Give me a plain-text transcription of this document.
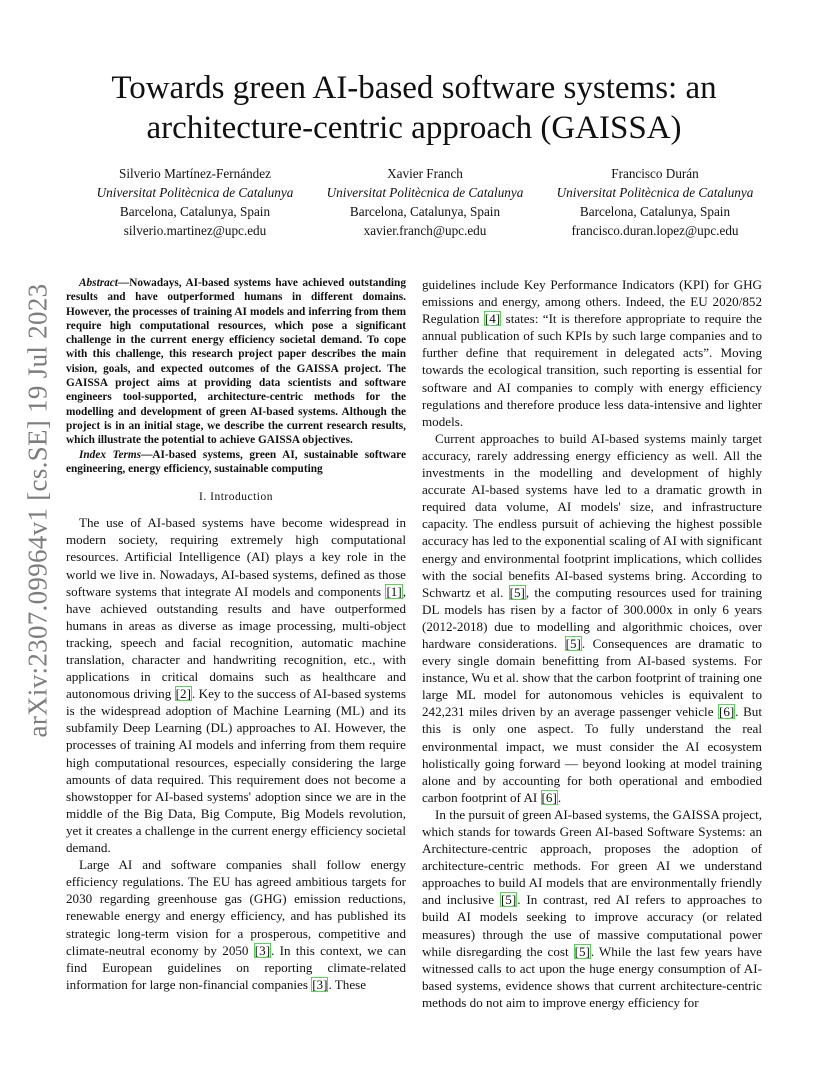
arXiv:2307.09964v1 [cs.SE] 19 Jul 2023
Towards green AI-based software systems: an
architecture-centric approach (GAISSA)
Silverio Martínez-Fernández
Universitat Politècnica de Catalunya
Barcelona, Catalunya, Spain
silverio.martinez@upc.edu
Xavier Franch
Universitat Politècnica de Catalunya
Barcelona, Catalunya, Spain
xavier.franch@upc.edu
Francisco Durán
Universitat Politècnica de Catalunya
Barcelona, Catalunya, Spain
francisco.duran.lopez@upc.edu

Abstract—Nowadays, AI-based systems have achieved outstanding results and have outperformed humans in different domains. However, the processes of training AI models and inferring from them require high computational resources, which pose a significant challenge in the current energy efficiency societal demand. To cope with this challenge, this research project paper describes the main vision, goals, and expected outcomes of the GAISSA project. The GAISSA project aims at providing data scientists and software engineers tool-supported, architecture-centric methods for the modelling and development of green AI-based systems. Although the project is in an initial stage, we describe the current research results, which illustrate the potential to achieve GAISSA objectives.

Index Terms—AI-based systems, green AI, sustainable software engineering, energy efficiency, sustainable computing

I. Introduction

The use of AI-based systems have become widespread in modern society, requiring extremely high computational resources. Artificial Intelligence (AI) plays a key role in the world we live in. Nowadays, AI-based systems, defined as those software systems that integrate AI models and components [1], have achieved outstanding results and have outperformed humans in areas as diverse as image processing, multi-object tracking, speech and facial recognition, automatic machine translation, character and handwriting recognition, etc., with applications in critical domains such as healthcare and autonomous driving [2]. Key to the success of AI-based systems is the widespread adoption of Machine Learning (ML) and its subfamily Deep Learning (DL) approaches to AI. However, the processes of training AI models and inferring from them require high computational resources, especially considering the large amounts of data required. This requirement does not become a showstopper for AI-based systems' adoption since we are in the middle of the Big Data, Big Compute, Big Models revolution, yet it creates a challenge in the current energy efficiency societal demand.

Large AI and software companies shall follow energy efficiency regulations. The EU has agreed ambitious targets for 2030 regarding greenhouse gas (GHG) emission reductions, renewable energy and energy efficiency, and has published its strategic long-term vision for a prosperous, competitive and climate-neutral economy by 2050 [3]. In this context, we can find European guidelines on reporting climate-related information for large non-financial companies [3]. These

guidelines include Key Performance Indicators (KPI) for GHG emissions and energy, among others. Indeed, the EU 2020/852 Regulation [4] states: “It is therefore appropriate to require the annual publication of such KPIs by such large companies and to further define that requirement in delegated acts”. Moving towards the ecological transition, such reporting is essential for software and AI companies to comply with energy efficiency regulations and therefore produce less data-intensive and lighter models.

Current approaches to build AI-based systems mainly target accuracy, rarely addressing energy efficiency as well. All the investments in the modelling and development of highly accurate AI-based systems have led to a dramatic growth in required data volume, AI models' size, and infrastructure capacity. The endless pursuit of achieving the highest possible accuracy has led to the exponential scaling of AI with significant energy and environmental footprint implications, which collides with the social benefits AI-based systems bring. According to Schwartz et al. [5], the computing resources used for training DL models has risen by a factor of 300.000x in only 6 years (2012-2018) due to modelling and algorithmic choices, over hardware considerations. [5]. Consequences are dramatic to every single domain benefitting from AI-based systems. For instance, Wu et al. show that the carbon footprint of training one large ML model for autonomous vehicles is equivalent to 242,231 miles driven by an average passenger vehicle [6]. But this is only one aspect. To fully understand the real environmental impact, we must consider the AI ecosystem holistically going forward — beyond looking at model training alone and by accounting for both operational and embodied carbon footprint of AI [6].

In the pursuit of green AI-based systems, the GAISSA project, which stands for towards Green AI-based Software Systems: an Architecture-centric approach, proposes the adoption of architecture-centric methods. For green AI we understand approaches to build AI models that are environmentally friendly and inclusive [5]. In contrast, red AI refers to approaches to build AI models seeking to improve accuracy (or related measures) through the use of massive computational power while disregarding the cost [5]. While the last few years have witnessed calls to act upon the huge energy consumption of AI-based systems, evidence shows that current architecture-centric methods do not aim to improve energy efficiency for
